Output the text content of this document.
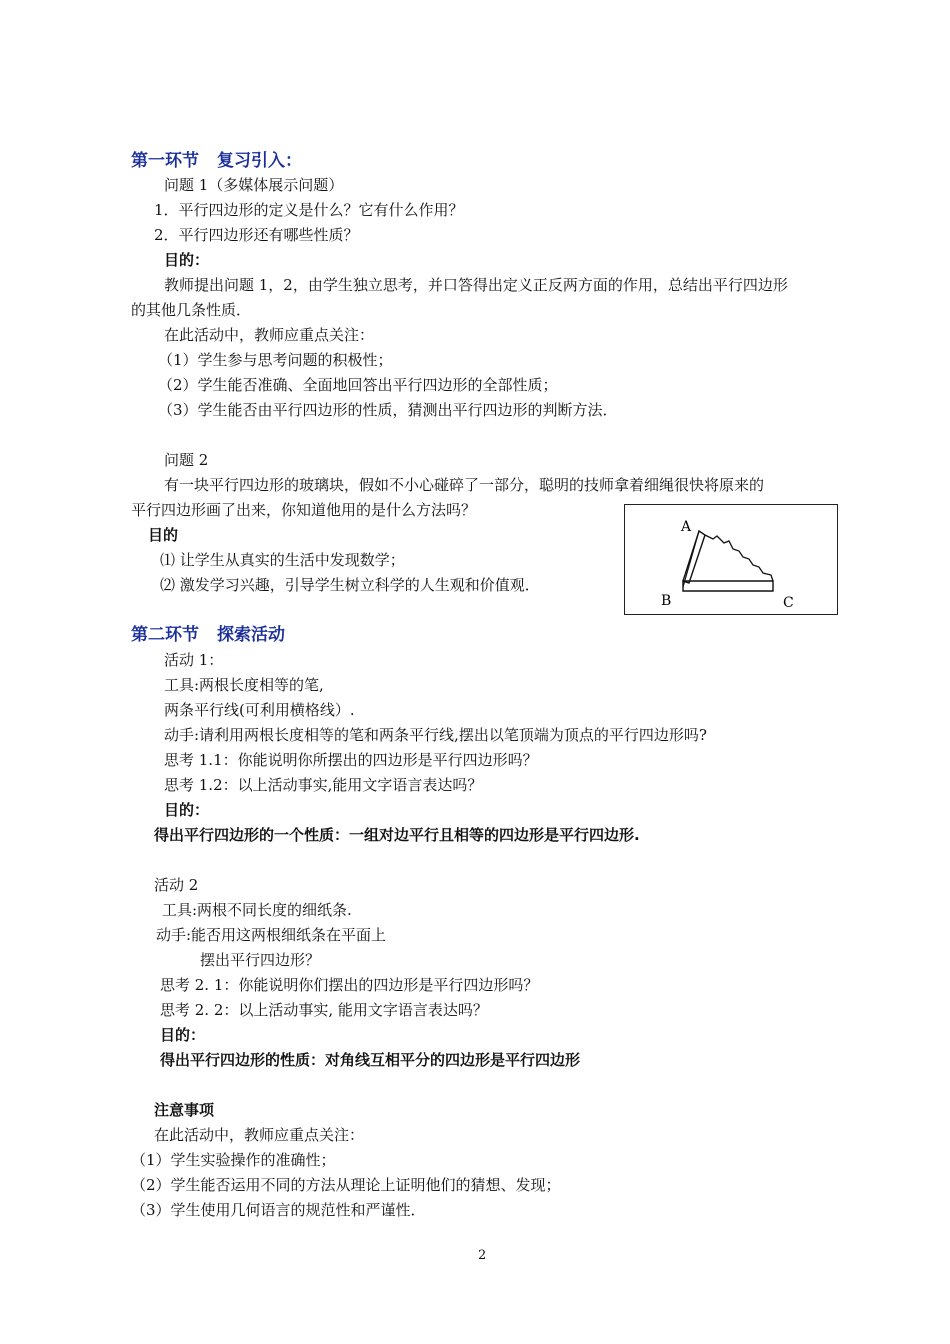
第一环节 复习引入：
问题 1（多媒体展示问题）
1．平行四边形的定义是什么？它有什么作用？
2．平行四边形还有哪些性质？
目的：
教师提出问题 1，2，由学生独立思考，并口答得出定义正反两方面的作用，总结出平行四边形
的其他几条性质．
在此活动中，教师应重点关注：
（1）学生参与思考问题的积极性；
（2）学生能否准确、全面地回答出平行四边形的全部性质；
（3）学生能否由平行四边形的性质，猜测出平行四边形的判断方法．
问题 2
有一块平行四边形的玻璃块，假如不小心碰碎了一部分，聪明的技师拿着细绳很快将原来的
平行四边形画了出来，你知道他用的是什么方法吗？
目的
⑴ 让学生从真实的生活中发现数学；
⑵ 激发学习兴趣，引导学生树立科学的人生观和价值观．
A
B	C
第二环节 探索活动
活动 1：
工具:两根长度相等的笔,
两条平行线(可利用横格线）.
动手:请利用两根长度相等的笔和两条平行线,摆出以笔顶端为顶点的平行四边形吗?
思考 1.1：你能说明你所摆出的四边形是平行四边形吗？
思考 1.2：以上活动事实,能用文字语言表达吗？
目的：
得出平行四边形的一个性质：一组对边平行且相等的四边形是平行四边形.
活动 2
工具:两根不同长度的细纸条.
动手:能否用这两根细纸条在平面上
摆出平行四边形？
思考 2. 1：你能说明你们摆出的四边形是平行四边形吗？
思考 2. 2：以上活动事实, 能用文字语言表达吗？
目的：
得出平行四边形的性质：对角线互相平分的四边形是平行四边形
注意事项
在此活动中，教师应重点关注：
（1）学生实验操作的准确性；
（2）学生能否运用不同的方法从理论上证明他们的猜想、发现；
（3）学生使用几何语言的规范性和严谨性．
2
